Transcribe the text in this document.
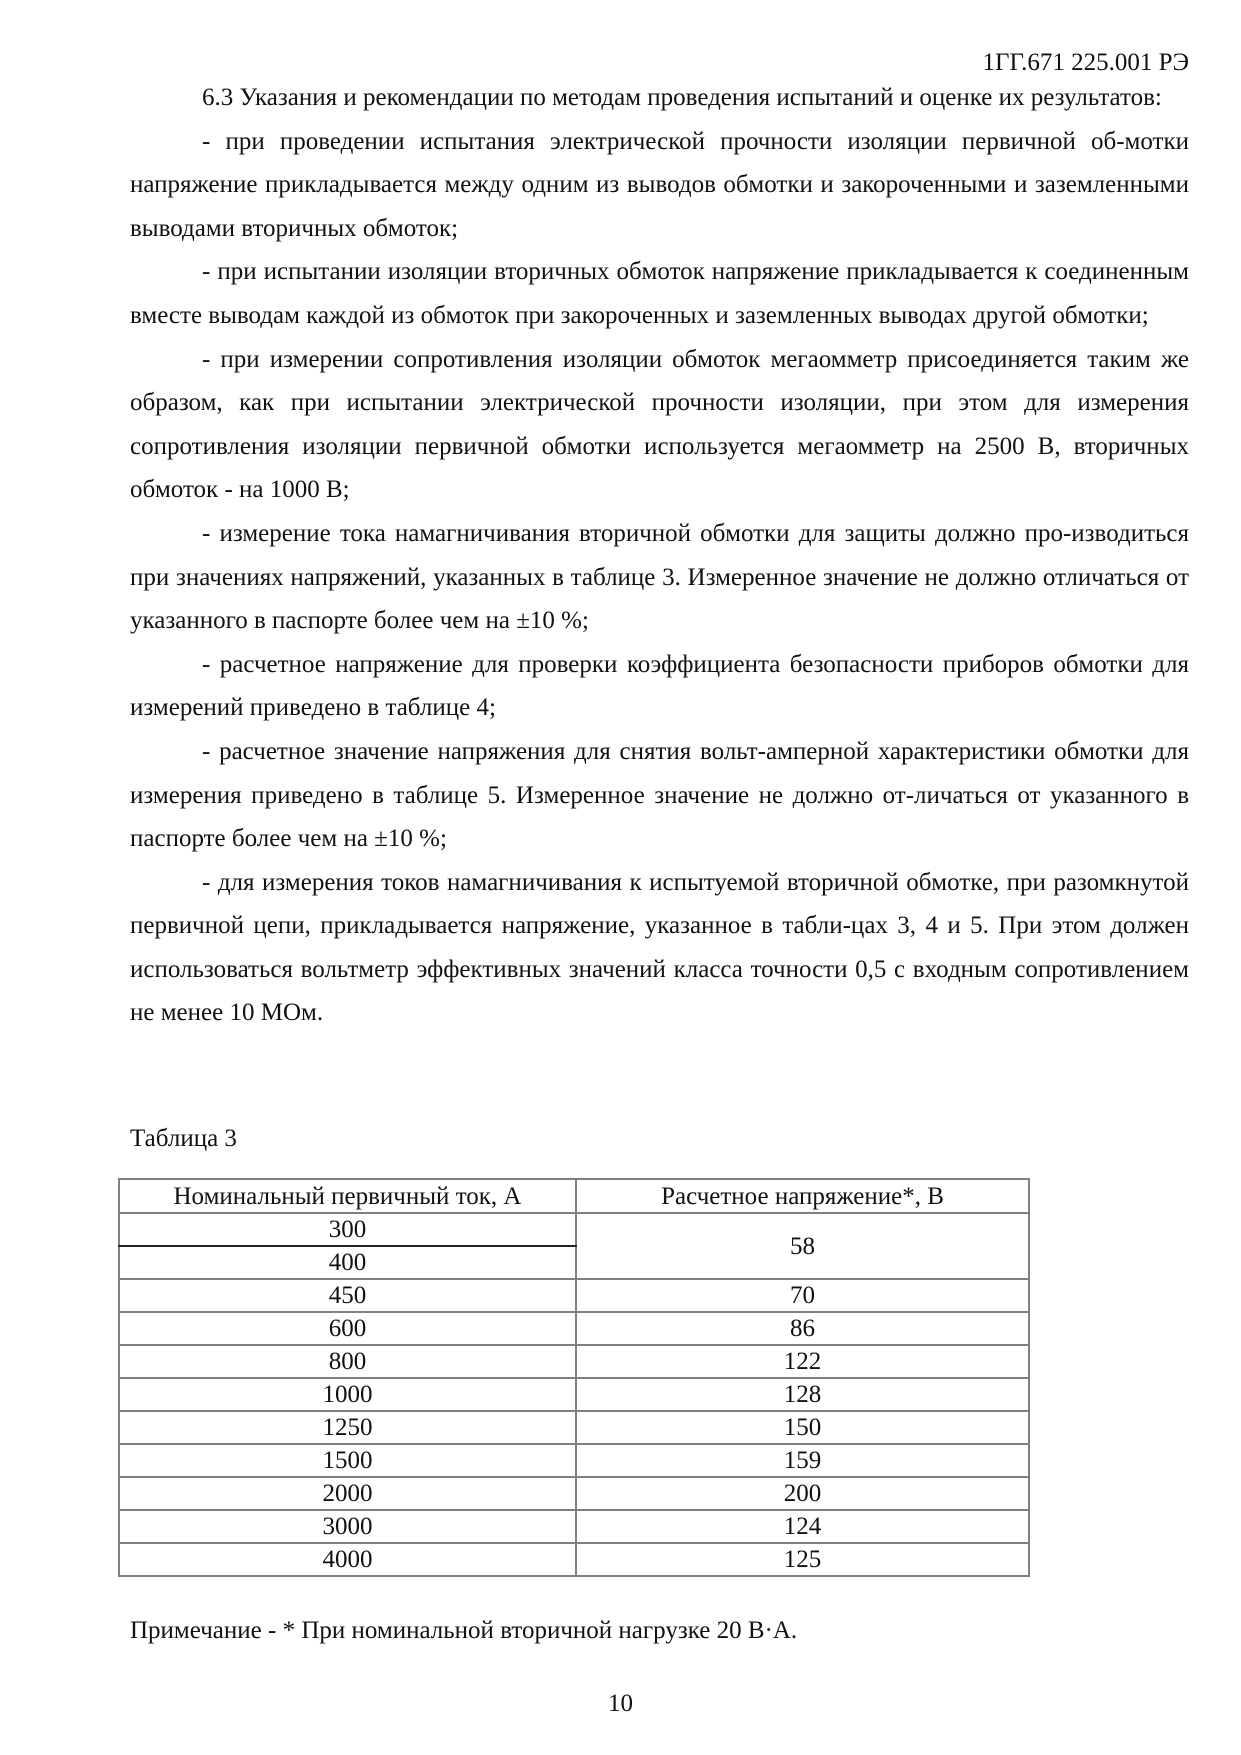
1ГГ.671 225.001 РЭ

6.3 Указания и рекомендации по методам проведения испытаний и оценке их результатов:

- при проведении испытания электрической прочности изоляции первичной об-мотки напряжение прикладывается между одним из выводов обмотки и закороченными и заземленными выводами вторичных обмоток;

- при испытании изоляции вторичных обмоток напряжение прикладывается к соединенным вместе выводам каждой из обмоток при закороченных и заземленных выводах другой обмотки;

- при измерении сопротивления изоляции обмоток мегаомметр присоединяется таким же образом, как при испытании электрической прочности изоляции, при этом для измерения сопротивления изоляции первичной обмотки используется мегаомметр на 2500 В, вторичных обмоток - на 1000 В;

- измерение тока намагничивания вторичной обмотки для защиты должно про-изводиться при значениях напряжений, указанных в таблице 3. Измеренное значение не должно отличаться от указанного в паспорте более чем на ±10 %;

- расчетное напряжение для проверки коэффициента безопасности приборов обмотки для измерений приведено в таблице 4;

- расчетное значение напряжения для снятия вольт-амперной характеристики обмотки для измерения приведено в таблице 5. Измеренное значение не должно от-личаться от указанного в паспорте более чем на ±10 %;

- для измерения токов намагничивания к испытуемой вторичной обмотке, при разомкнутой первичной цепи, прикладывается напряжение, указанное в табли-цах 3, 4 и 5. При этом должен использоваться вольтметр эффективных значений класса точности 0,5 с входным сопротивлением не менее 10 МОм.

Таблица 3
Номинальный первичный ток, А	Расчетное напряжение*, В
300	58
400	
450	70
600	86
800	122
1000	128
1250	150
1500	159
2000	200
3000	124
4000	125
Примечание - * При номинальной вторичной нагрузке 20 В·А.
10
